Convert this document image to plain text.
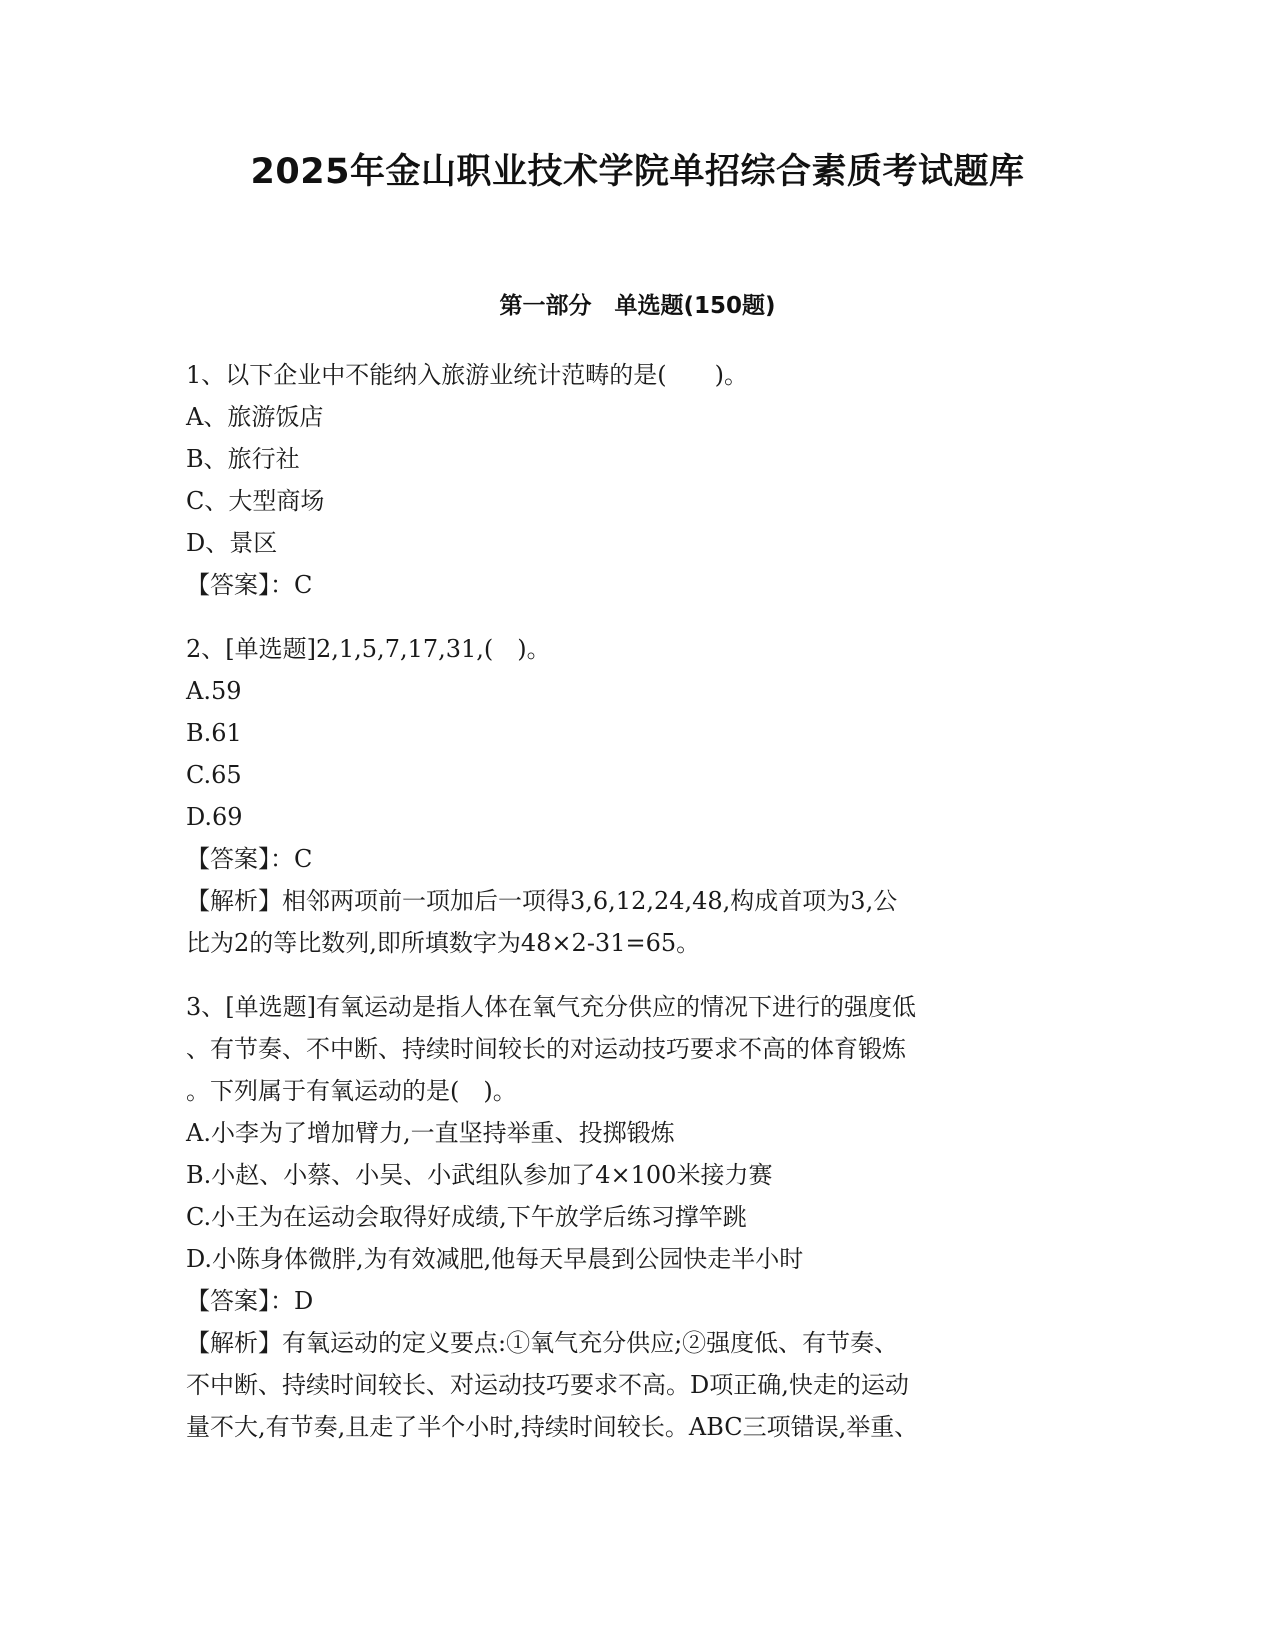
2025年金山职业技术学院单招综合素质考试题库
第一部分　单选题(150题)
1、以下企业中不能纳入旅游业统计范畴的是(　　)。
A、旅游饭店
B、旅行社
C、大型商场
D、景区
【答案】：C
2、[单选题]2,1,5,7,17,31,(　)。
A.59
B.61
C.65
D.69
【答案】：C
【解析】相邻两项前一项加后一项得3,6,12,24,48,构成首项为3,公
比为2的等比数列,即所填数字为48×2-31=65。
3、[单选题]有氧运动是指人体在氧气充分供应的情况下进行的强度低
、有节奏、不中断、持续时间较长的对运动技巧要求不高的体育锻炼
。下列属于有氧运动的是(　)。
A.小李为了增加臂力,一直坚持举重、投掷锻炼
B.小赵、小蔡、小吴、小武组队参加了4×100米接力赛
C.小王为在运动会取得好成绩,下午放学后练习撑竿跳
D.小陈身体微胖,为有效减肥,他每天早晨到公园快走半小时
【答案】：D
【解析】有氧运动的定义要点:①氧气充分供应;②强度低、有节奏、
不中断、持续时间较长、对运动技巧要求不高。D项正确,快走的运动
量不大,有节奏,且走了半个小时,持续时间较长。ABC三项错误,举重、
